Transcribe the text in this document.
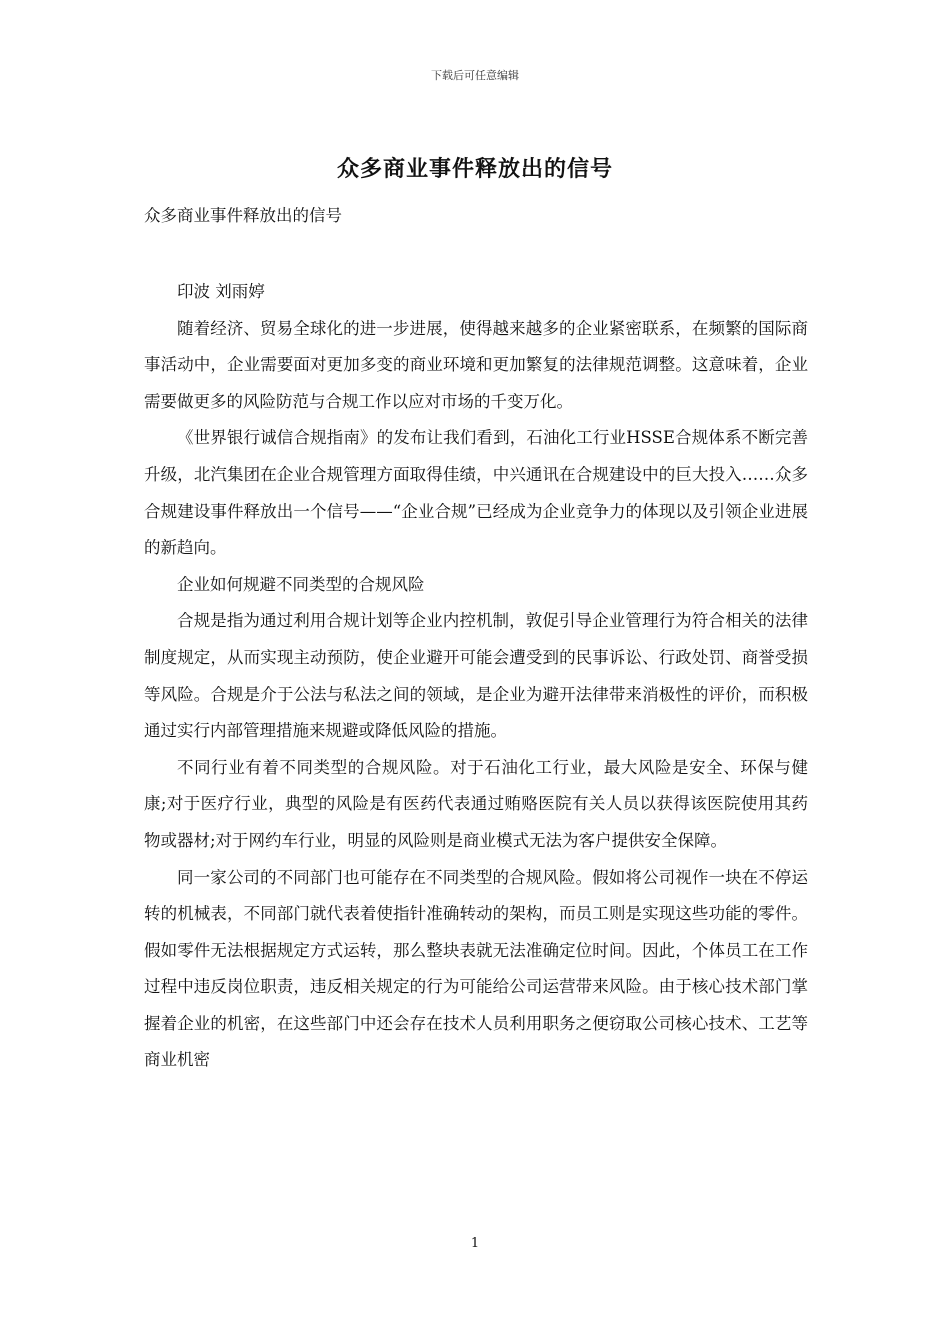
下载后可任意编辑
众多商业事件释放出的信号
众多商业事件释放出的信号

印波 刘雨婷

随着经济、贸易全球化的进一步进展，使得越来越多的企业紧密联系，在频繁的国际商事活动中，企业需要面对更加多变的商业环境和更加繁复的法律规范调整。这意味着，企业需要做更多的风险防范与合规工作以应对市场的千变万化。

《世界银行诚信合规指南》的发布让我们看到，石油化工行业HSSE合规体系不断完善升级，北汽集团在企业合规管理方面取得佳绩，中兴通讯在合规建设中的巨大投入……众多合规建设事件释放出一个信号——“企业合规”已经成为企业竞争力的体现以及引领企业进展的新趋向。

企业如何规避不同类型的合规风险

合规是指为通过利用合规计划等企业内控机制，敦促引导企业管理行为符合相关的法律制度规定，从而实现主动预防，使企业避开可能会遭受到的民事诉讼、行政处罚、商誉受损等风险。合规是介于公法与私法之间的领域，是企业为避开法律带来消极性的评价，而积极通过实行内部管理措施来规避或降低风险的措施。

不同行业有着不同类型的合规风险。对于石油化工行业，最大风险是安全、环保与健康;对于医疗行业，典型的风险是有医药代表通过贿赂医院有关人员以获得该医院使用其药物或器材;对于网约车行业，明显的风险则是商业模式无法为客户提供安全保障。

同一家公司的不同部门也可能存在不同类型的合规风险。假如将公司视作一块在不停运转的机械表，不同部门就代表着使指针准确转动的架构，而员工则是实现这些功能的零件。假如零件无法根据规定方式运转，那么整块表就无法准确定位时间。因此，个体员工在工作过程中违反岗位职责，违反相关规定的行为可能给公司运营带来风险。由于核心技术部门掌握着企业的机密，在这些部门中还会存在技术人员利用职务之便窃取公司核心技术、工艺等商业机密

1
